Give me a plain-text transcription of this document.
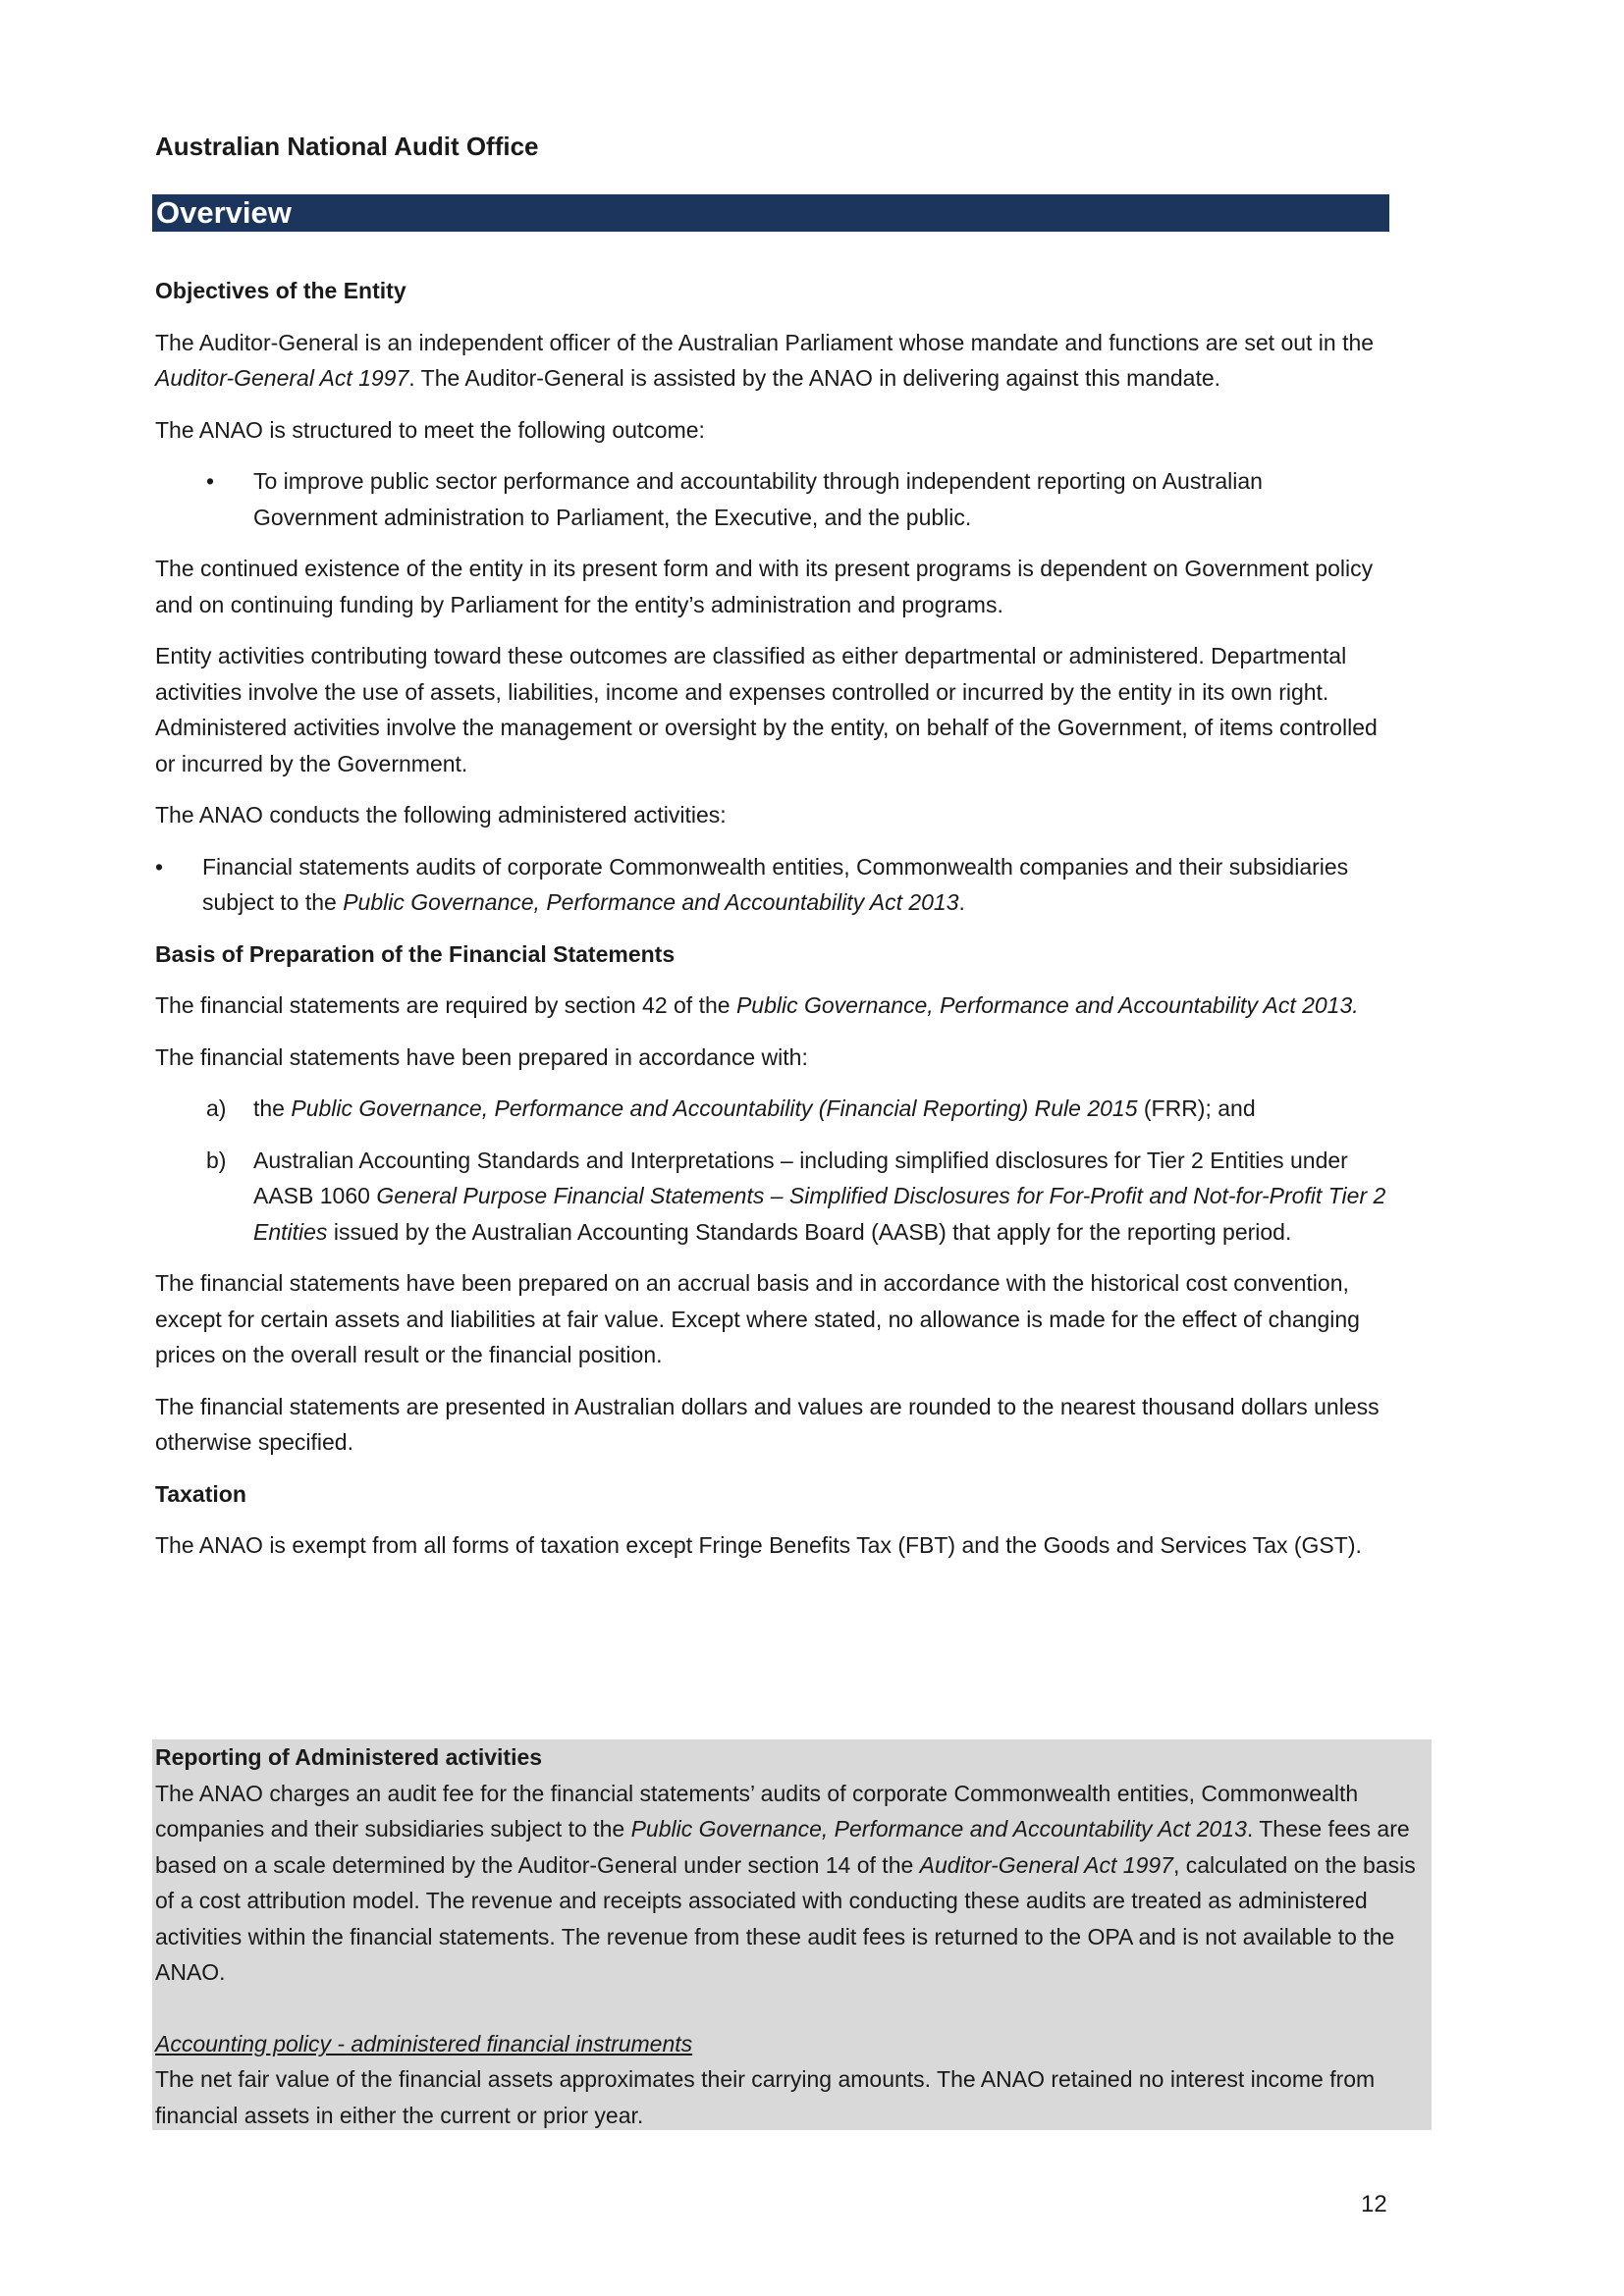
Australian National Audit Office
Overview
Objectives of the Entity

The Auditor-General is an independent officer of the Australian Parliament whose mandate and functions are set out in the Auditor-General Act 1997. The Auditor-General is assisted by the ANAO in delivering against this mandate.

The ANAO is structured to meet the following outcome:

•	To improve public sector performance and accountability through independent reporting on Australian Government administration to Parliament, the Executive, and the public.

The continued existence of the entity in its present form and with its present programs is dependent on Government policy and on continuing funding by Parliament for the entity’s administration and programs.

Entity activities contributing toward these outcomes are classified as either departmental or administered. Departmental activities involve the use of assets, liabilities, income and expenses controlled or incurred by the entity in its own right. Administered activities involve the management or oversight by the entity, on behalf of the Government, of items controlled or incurred by the Government.

The ANAO conducts the following administered activities:

•	Financial statements audits of corporate Commonwealth entities, Commonwealth companies and their subsidiaries subject to the Public Governance, Performance and Accountability Act 2013.
Basis of Preparation of the Financial Statements

The financial statements are required by section 42 of the Public Governance, Performance and Accountability Act 2013.

The financial statements have been prepared in accordance with:

a)	the Public Governance, Performance and Accountability (Financial Reporting) Rule 2015 (FRR); and
b)	Australian Accounting Standards and Interpretations – including simplified disclosures for Tier 2 Entities under AASB 1060 General Purpose Financial Statements – Simplified Disclosures for For-Profit and Not-for-Profit Tier 2 Entities issued by the Australian Accounting Standards Board (AASB) that apply for the reporting period.

The financial statements have been prepared on an accrual basis and in accordance with the historical cost convention, except for certain assets and liabilities at fair value. Except where stated, no allowance is made for the effect of changing prices on the overall result or the financial position.

The financial statements are presented in Australian dollars and values are rounded to the nearest thousand dollars unless otherwise specified.

Taxation

The ANAO is exempt from all forms of taxation except Fringe Benefits Tax (FBT) and the Goods and Services Tax (GST).

Reporting of Administered activities

The ANAO charges an audit fee for the financial statements’ audits of corporate Commonwealth entities, Commonwealth companies and their subsidiaries subject to the Public Governance, Performance and Accountability Act 2013. These fees are based on a scale determined by the Auditor-General under section 14 of the Auditor-General Act 1997, calculated on the basis of a cost attribution model. The revenue and receipts associated with conducting these audits are treated as administered activities within the financial statements. The revenue from these audit fees is returned to the OPA and is not available to the ANAO.

Accounting policy - administered financial instruments

The net fair value of the financial assets approximates their carrying amounts. The ANAO retained no interest income from financial assets in either the current or prior year.

12
